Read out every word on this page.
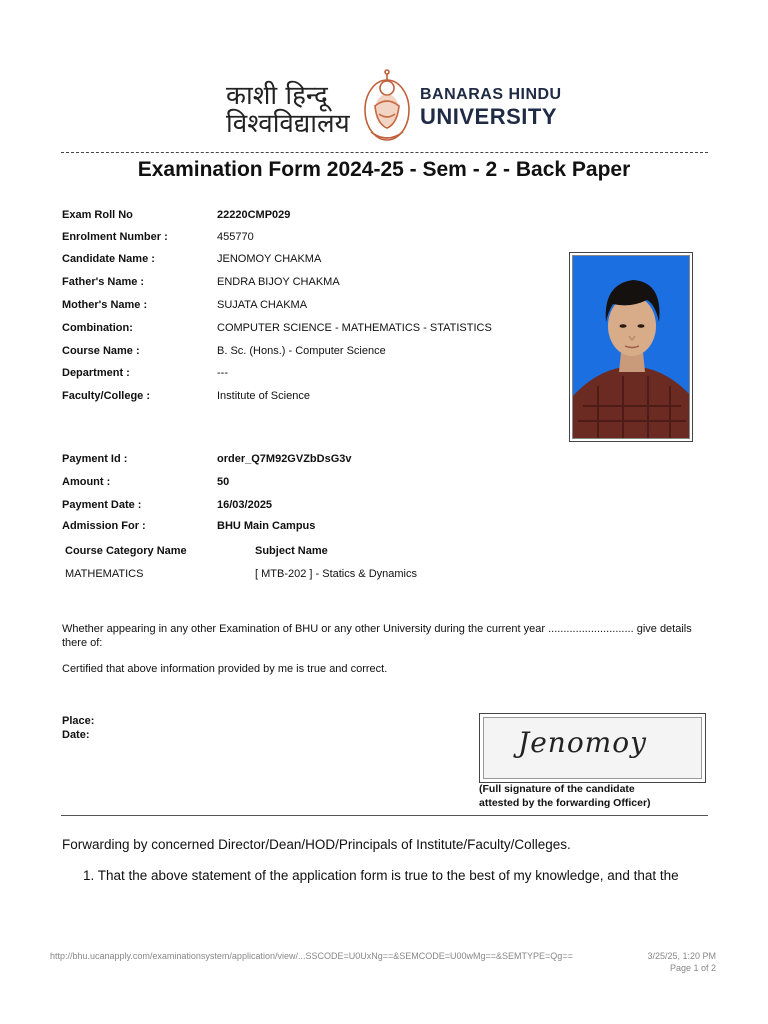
काशी हिन्दू
विश्वविद्यालय
BANARAS HINDU
UNIVERSITY
Examination Form 2024-25 - Sem - 2 - Back Paper
Exam Roll No	22220CMP029
Enrolment Number :	455770
Candidate Name :	JENOMOY CHAKMA
Father's Name :	ENDRA BIJOY CHAKMA
Mother's Name :	SUJATA CHAKMA
Combination:	COMPUTER SCIENCE - MATHEMATICS - STATISTICS
Course Name :	B. Sc. (Hons.) - Computer Science
Department :	---
Faculty/College :	Institute of Science
Payment Id :	order_Q7M92GVZbDsG3v
Amount :	50
Payment Date :	16/03/2025
Admission For :	BHU Main Campus
Course Category Name	Subject Name
MATHEMATICS	[ MTB-202 ] - Statics & Dynamics
Whether appearing in any other Examination of BHU or any other University during the current year ............................ give details there of:
Certified that above information provided by me is true and correct.
Place:
Date:	Jenomoy
(Full signature of the candidate
attested by the forwarding Officer)
Forwarding by concerned Director/Dean/HOD/Principals of Institute/Faculty/Colleges.
1. That the above statement of the application form is true to the best of my knowledge, and that the
http://bhu.ucanapply.com/examinationsystem/application/view/...SSCODE=U0UxNg==&SEMCODE=U00wMg==&SEMTYPE=Qg==	3/25/25, 1:20 PM
Page 1 of 2
